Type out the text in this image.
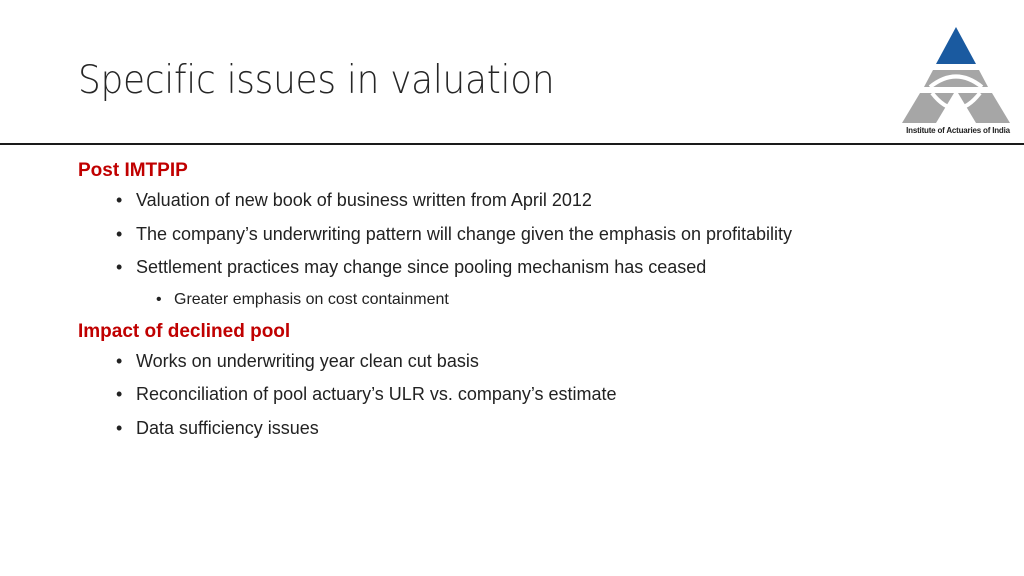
Specific issues in valuation
Institute of Actuaries of India
Post IMTPIP
• Valuation of new book of business written from April 2012
• The company’s underwriting pattern will change given the emphasis on profitability
• Settlement practices may change since pooling mechanism has ceased
• Greater emphasis on cost containment
Impact of declined pool
• Works on underwriting year clean cut basis
• Reconciliation of pool actuary’s ULR vs. company’s estimate
• Data sufficiency issues
